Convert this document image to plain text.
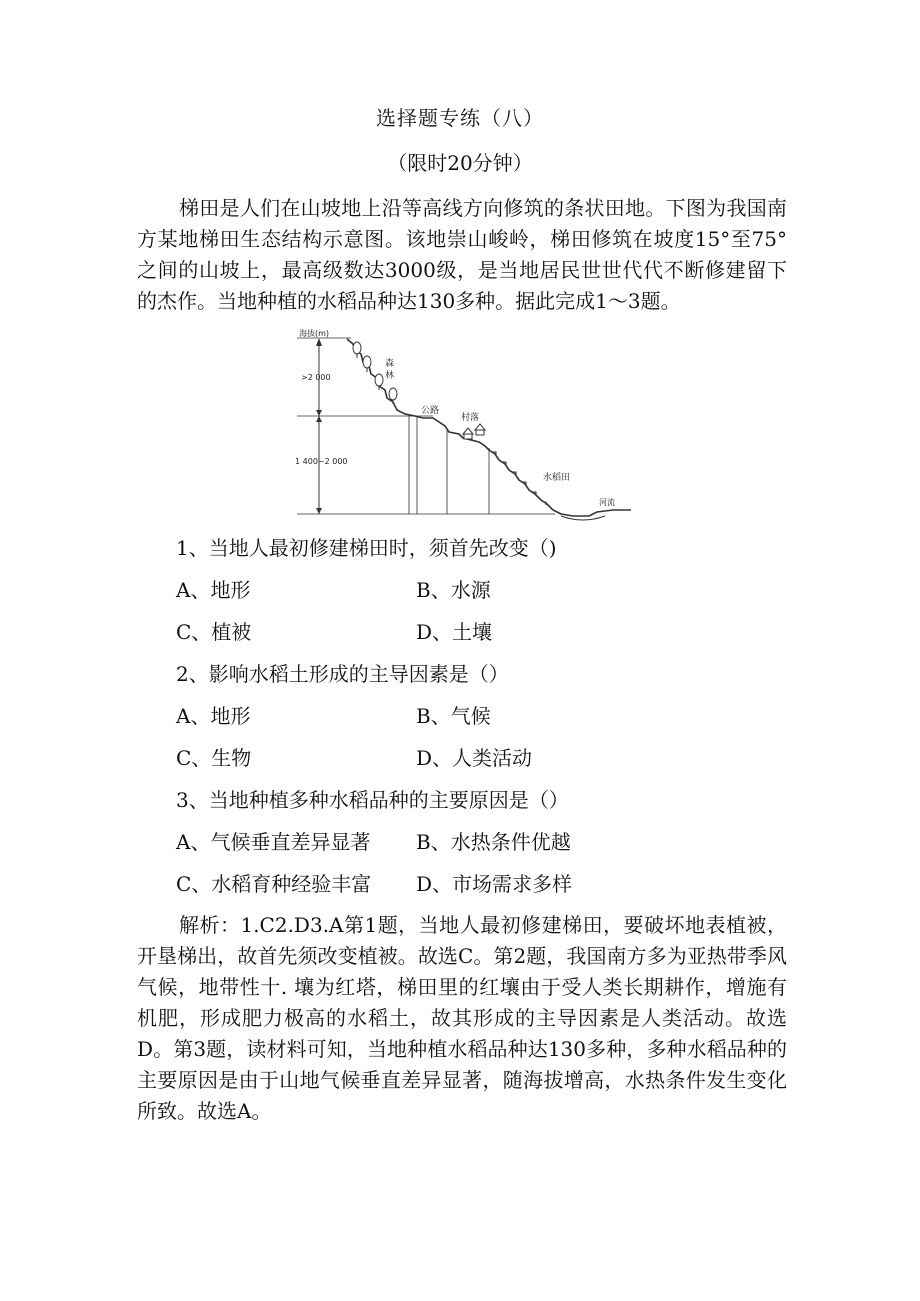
选择题专练（八）
（限时20分钟）
梯田是人们在山坡地上沿等高线方向修筑的条状田地。下图为我国南方某地梯田生态结构示意图。该地崇山峻岭，梯田修筑在坡度15°至75°之间的山坡上，最高级数达3000级，是当地居民世世代代不断修建留下的杰作。当地种植的水稻品种达130多种。据此完成1～3题。
海拔(m)
>2 000
1 400~2 000
森
林
公路
村落
水稻田
河流
1、当地人最初修建梯田时，须首先改变（)
A、地形	B、水源
C、植被	D、土壤
2、影响水稻土形成的主导因素是（）
A、地形	B、气候
C、生物	D、人类活动
3、当地种植多种水稻品种的主要原因是（）
A、气候垂直差异显著 B、水热条件优越
C、水稻育种经验丰富 D、市场需求多样
解析：1.C2.D3.A第1题，当地人最初修建梯田，要破坏地表植被，开垦梯出，故首先须改变植被。故选C。第2题，我国南方多为亚热带季风气候，地带性十. 壤为红塔，梯田里的红壤由于受人类长期耕作，增施有机肥，形成肥力极高的水稻土，故其形成的主导因素是人类活动。故选D。第3题，读材料可知，当地种植水稻品种达130多种，多种水稻品种的主要原因是由于山地气候垂直差异显著，随海拔增高，水热条件发生变化所致。故选A。
